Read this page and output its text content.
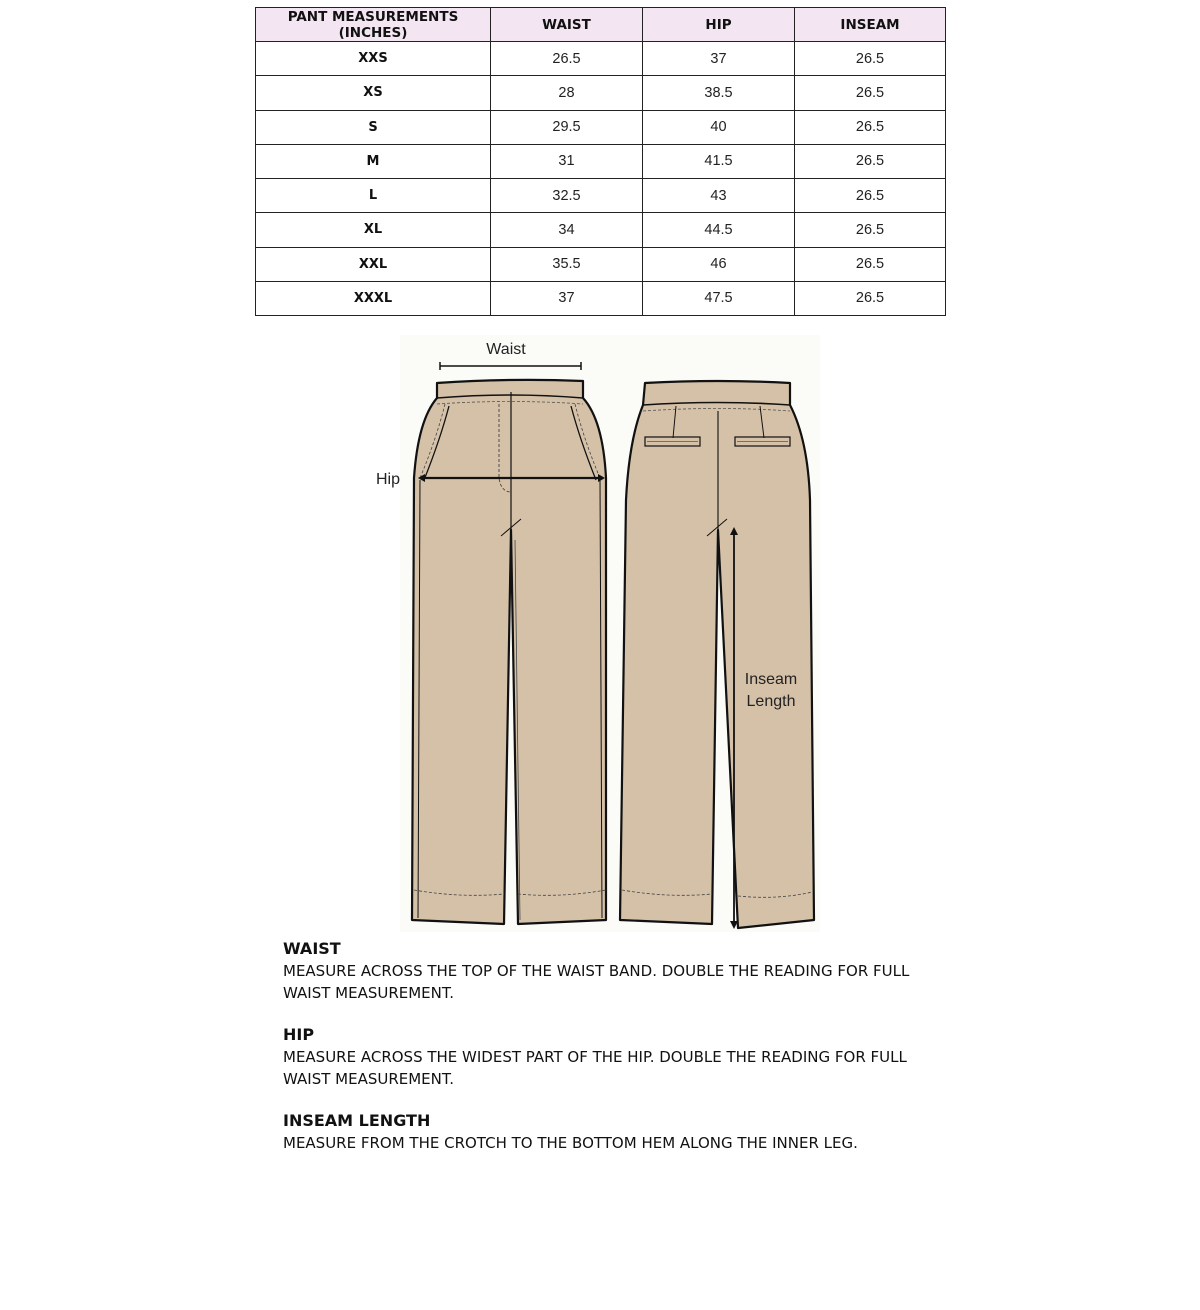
PANT MEASUREMENTS (INCHES)	WAIST	HIP	INSEAM
XXS	26.5	37	26.5
XS	28	38.5	26.5
S	29.5	40	26.5
M	31	41.5	26.5
L	32.5	43	26.5
XL	34	44.5	26.5
XXL	35.5	46	26.5
XXXL	37	47.5	26.5
Waist
Hip
Inseam
Length
WAIST
MEASURE ACROSS THE TOP OF THE WAIST BAND. DOUBLE THE READING FOR FULL WAIST MEASUREMENT.
HIP
MEASURE ACROSS THE WIDEST PART OF THE HIP. DOUBLE THE READING FOR FULL WAIST MEASUREMENT.
INSEAM LENGTH
MEASURE FROM THE CROTCH TO THE BOTTOM HEM ALONG THE INNER LEG.
